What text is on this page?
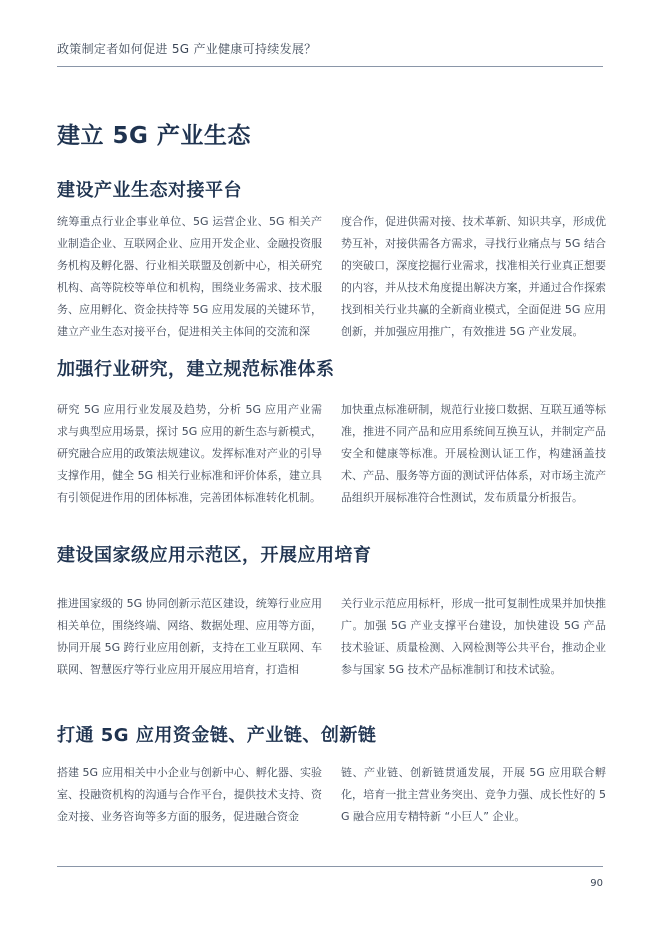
政策制定者如何促进 5G 产业健康可持续发展？
建立 5G 产业生态
建设产业生态对接平台
统筹重点行业企事业单位、5G 运营企业、5G 相关产业制造企业、互联网企业、应用开发企业、金融投资服务机构及孵化器、行业相关联盟及创新中心，相关研究机构、高等院校等单位和机构，围绕业务需求、技术服务、应用孵化、资金扶持等 5G 应用发展的关键环节，建立产业生态对接平台，促进相关主体间的交流和深
度合作，促进供需对接、技术革新、知识共享，形成优势互补，对接供需各方需求，寻找行业痛点与 5G 结合的突破口，深度挖掘行业需求，找准相关行业真正想要的内容，并从技术角度提出解决方案，并通过合作探索找到相关行业共赢的全新商业模式，全面促进 5G 应用创新，并加强应用推广，有效推进 5G 产业发展。
加强行业研究，建立规范标准体系
研究 5G 应用行业发展及趋势，分析 5G 应用产业需求与典型应用场景，探讨 5G 应用的新生态与新模式，研究融合应用的政策法规建议。发挥标准对产业的引导支撑作用，健全 5G 相关行业标准和评价体系，建立具有引领促进作用的团体标准，完善团体标准转化机制。
加快重点标准研制，规范行业接口数据、互联互通等标准，推进不同产品和应用系统间互换互认，并制定产品安全和健康等标准。开展检测认证工作，构建涵盖技术、产品、服务等方面的测试评估体系，对市场主流产品组织开展标准符合性测试，发布质量分析报告。
建设国家级应用示范区，开展应用培育
推进国家级的 5G 协同创新示范区建设，统筹行业应用相关单位，围绕终端、网络、数据处理、应用等方面，协同开展 5G 跨行业应用创新，支持在工业互联网、车联网、智慧医疗等行业应用开展应用培育，打造相
关行业示范应用标杆，形成一批可复制性成果并加快推广。加强 5G 产业支撑平台建设，加快建设 5G 产品技术验证、质量检测、入网检测等公共平台，推动企业参与国家 5G 技术产品标准制订和技术试验。
打通 5G 应用资金链、产业链、创新链
搭建 5G 应用相关中小企业与创新中心、孵化器、实验室、投融资机构的沟通与合作平台，提供技术支持、资金对接、业务咨询等多方面的服务，促进融合资金
链、产业链、创新链贯通发展，开展 5G 应用联合孵化，培育一批主营业务突出、竞争力强、成长性好的 5G 融合应用专精特新 “小巨人” 企业。
90
